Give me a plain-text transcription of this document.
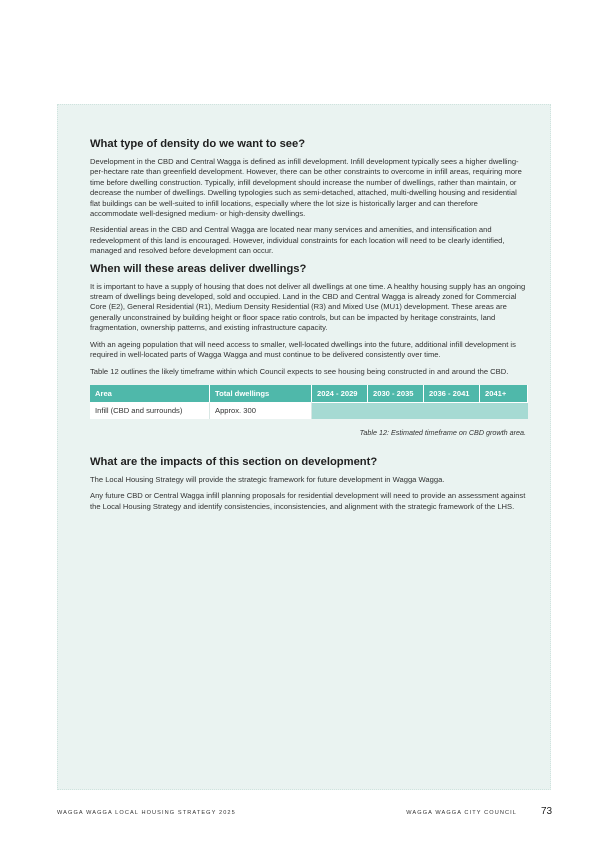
What type of density do we want to see?

Development in the CBD and Central Wagga is defined as infill development. Infill development typically sees a higher dwelling-per-hectare rate than greenfield development. However, there can be other constraints to overcome in infill areas, requiring more time before dwelling construction. Typically, infill development should increase the number of dwellings, rather than maintain, or decrease the number of dwellings. Dwelling typologies such as semi-detached, attached, multi-dwelling housing and residential flat buildings can be well-suited to infill locations, especially where the lot size is historically larger and can therefore accommodate well-designed medium- or high-density dwellings.

Residential areas in the CBD and Central Wagga are located near many services and amenities, and intensification and redevelopment of this land is encouraged. However, individual constraints for each location will need to be clearly identified, managed and resolved before development can occur.

When will these areas deliver dwellings?

It is important to have a supply of housing that does not deliver all dwellings at one time. A healthy housing supply has an ongoing stream of dwellings being developed, sold and occupied. Land in the CBD and Central Wagga is already zoned for Commercial Core (E2), General Residential (R1), Medium Density Residential (R3) and Mixed Use (MU1) development. These areas are generally unconstrained by building height or floor space ratio controls, but can be impacted by heritage constraints, land fragmentation, ownership patterns, and existing infrastructure capacity.

With an ageing population that will need access to smaller, well-located dwellings into the future, additional infill development is required in well-located parts of Wagga Wagga and must continue to be delivered consistently over time.

Table 12 outlines the likely timeframe within which Council expects to see housing being constructed in and around the CBD.

Area	Total dwellings	2024 - 2029	2030 - 2035	2036 - 2041	2041+
Infill (CBD and surrounds)	Approx. 300				

Table 12: Estimated timeframe on CBD growth area.

What are the impacts of this section on development?

The Local Housing Strategy will provide the strategic framework for future development in Wagga Wagga.

Any future CBD or Central Wagga infill planning proposals for residential development will need to provide an assessment against the Local Housing Strategy and identify consistencies, inconsistencies, and alignment with the strategic framework of the LHS.

WAGGA WAGGA LOCAL HOUSING STRATEGY 2025	WAGGA WAGGA CITY COUNCIL 73
